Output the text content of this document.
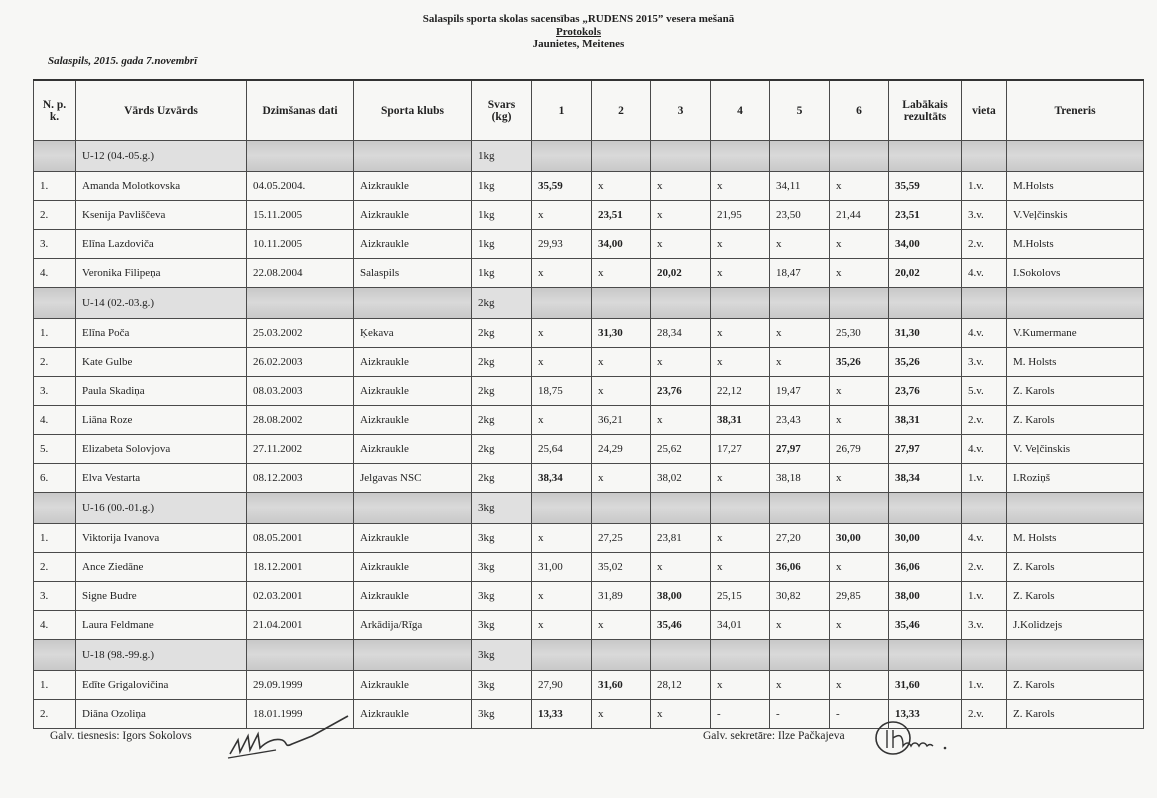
Salaspils sporta skolas sacensības „RUDENS 2015” vesera mešanā
Protokols
Jaunietes, Meitenes
Salaspils, 2015. gada 7.novembrī
N. p. k.	Vārds Uzvārds	Dzimšanas dati	Sporta klubs	Svars (kg)	1	2	3	4	5	6	Labākais rezultāts	vieta	Treneris
	U-12 (04.-05.g.)			1kg									
1.	Amanda Molotkovska	04.05.2004.	Aizkraukle	1kg	35,59	x	x	x	34,11	x	35,59	1.v.	M.Holsts
2.	Ksenija Pavliščeva	15.11.2005	Aizkraukle	1kg	x	23,51	x	21,95	23,50	21,44	23,51	3.v.	V.Veļčinskis
3.	Elīna Lazdoviča	10.11.2005	Aizkraukle	1kg	29,93	34,00	x	x	x	x	34,00	2.v.	M.Holsts
4.	Veronika Filipeņa	22.08.2004	Salaspils	1kg	x	x	20,02	x	18,47	x	20,02	4.v.	I.Sokolovs
	U-14 (02.-03.g.)			2kg									
1.	Elīna Poča	25.03.2002	Ķekava	2kg	x	31,30	28,34	x	x	25,30	31,30	4.v.	V.Kumermane
2.	Kate Gulbe	26.02.2003	Aizkraukle	2kg	x	x	x	x	x	35,26	35,26	3.v.	M. Holsts
3.	Paula Skadiņa	08.03.2003	Aizkraukle	2kg	18,75	x	23,76	22,12	19,47	x	23,76	5.v.	Z. Karols
4.	Liāna Roze	28.08.2002	Aizkraukle	2kg	x	36,21	x	38,31	23,43	x	38,31	2.v.	Z. Karols
5.	Elizabeta Solovjova	27.11.2002	Aizkraukle	2kg	25,64	24,29	25,62	17,27	27,97	26,79	27,97	4.v.	V. Veļčinskis
6.	Elva Vestarta	08.12.2003	Jelgavas NSC	2kg	38,34	x	38,02	x	38,18	x	38,34	1.v.	I.Roziņš
	U-16 (00.-01.g.)			3kg									
1.	Viktorija Ivanova	08.05.2001	Aizkraukle	3kg	x	27,25	23,81	x	27,20	30,00	30,00	4.v.	M. Holsts
2.	Ance Ziedāne	18.12.2001	Aizkraukle	3kg	31,00	35,02	x	x	36,06	x	36,06	2.v.	Z. Karols
3.	Signe Budre	02.03.2001	Aizkraukle	3kg	x	31,89	38,00	25,15	30,82	29,85	38,00	1.v.	Z. Karols
4.	Laura Feldmane	21.04.2001	Arkādija/Rīga	3kg	x	x	35,46	34,01	x	x	35,46	3.v.	J.Kolidzejs
	U-18 (98.-99.g.)			3kg									
1.	Edīte Grigalovičina	29.09.1999	Aizkraukle	3kg	27,90	31,60	28,12	x	x	x	31,60	1.v.	Z. Karols
2.	Diāna Ozoliņa	18.01.1999	Aizkraukle	3kg	13,33	x	x	-	-	-	13,33	2.v.	Z. Karols
Galv. tiesnesis: Igors Sokolovs	Galv. sekretāre: Ilze Pačkajeva
